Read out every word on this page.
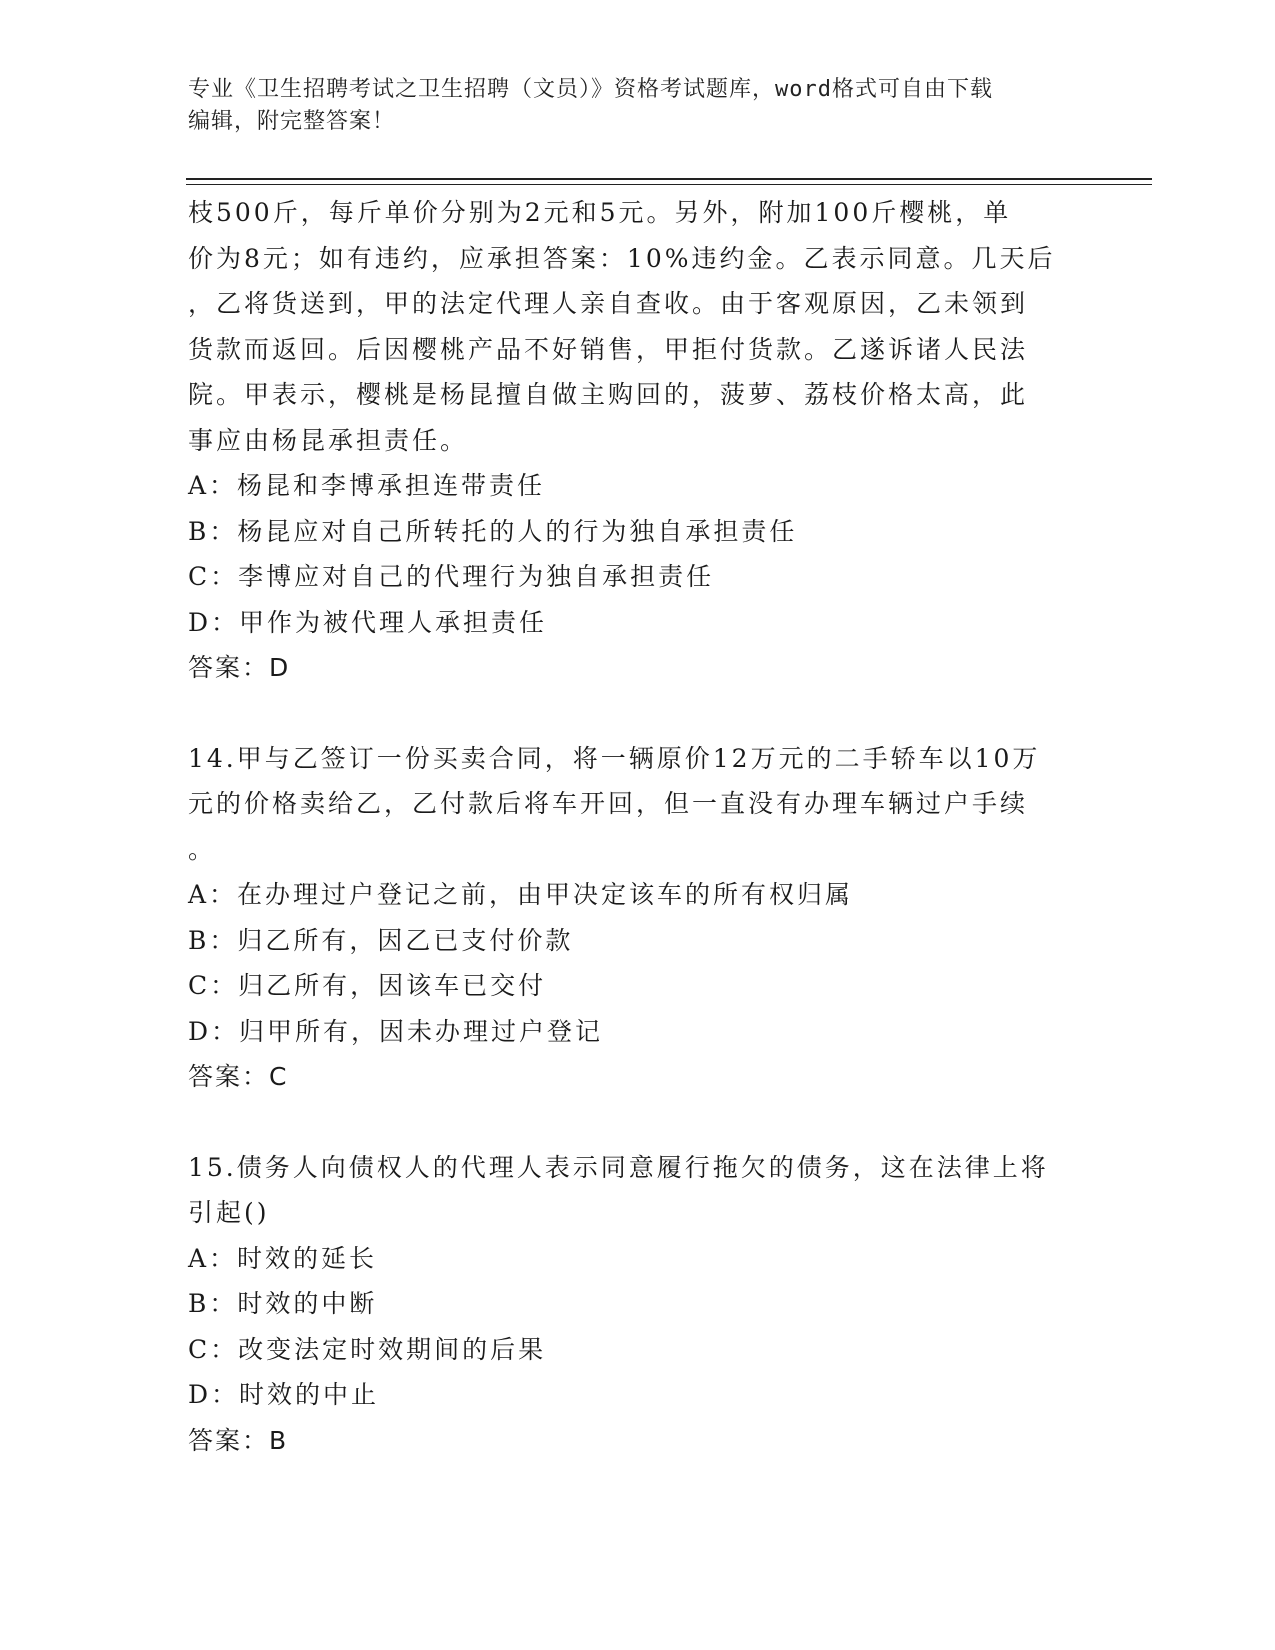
专业《卫生招聘考试之卫生招聘（文员）》资格考试题库，word格式可自由下载
编辑，附完整答案！

枝500斤，每斤单价分别为2元和5元。另外，附加100斤樱桃，单
价为8元；如有违约，应承担答案：10%违约金。乙表示同意。几天后
，乙将货送到，甲的法定代理人亲自查收。由于客观原因，乙未领到
货款而返回。后因樱桃产品不好销售，甲拒付货款。乙遂诉诸人民法
院。甲表示，樱桃是杨昆擅自做主购回的，菠萝、荔枝价格太高，此
事应由杨昆承担责任。

A：杨昆和李博承担连带责任

B：杨昆应对自己所转托的人的行为独自承担责任

C：李博应对自己的代理行为独自承担责任

D：甲作为被代理人承担责任

答案：D

14.甲与乙签订一份买卖合同，将一辆原价12万元的二手轿车以10万
元的价格卖给乙，乙付款后将车开回，但一直没有办理车辆过户手续
。

A：在办理过户登记之前，由甲决定该车的所有权归属

B：归乙所有，因乙已支付价款

C：归乙所有，因该车已交付

D：归甲所有，因未办理过户登记

答案：C

15.债务人向债权人的代理人表示同意履行拖欠的债务，这在法律上将
引起()

A：时效的延长

B：时效的中断

C：改变法定时效期间的后果

D：时效的中止

答案：B
